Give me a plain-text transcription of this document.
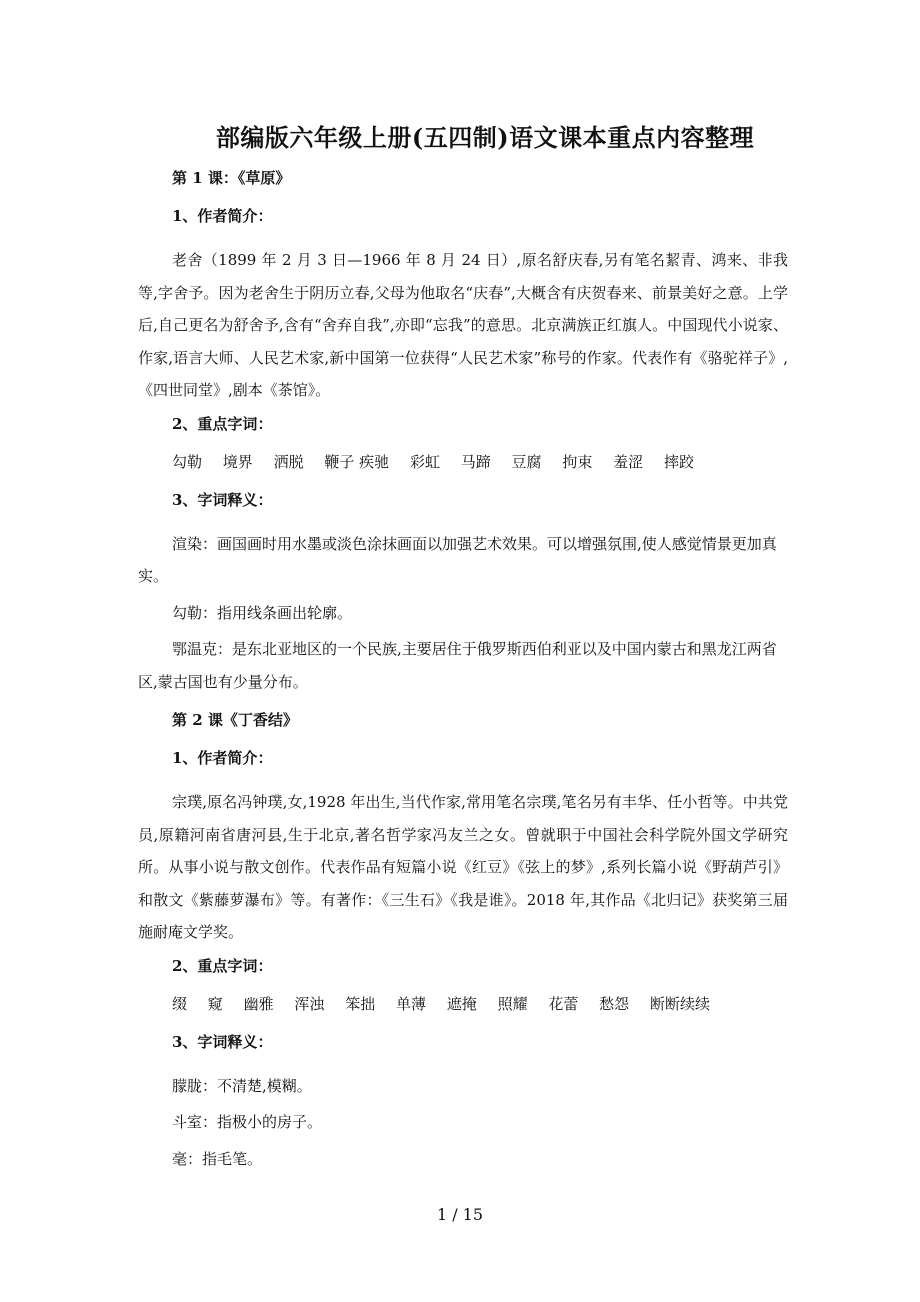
部编版六年级上册(五四制)语文课本重点内容整理
第 1 课：《草原》
1、作者简介：
老舍（1899 年 2 月 3 日—1966 年 8 月 24 日）,原名舒庆春,另有笔名絜青、鸿来、非我等,字舍予。因为老舍生于阴历立春,父母为他取名“庆春”,大概含有庆贺春来、前景美好之意。上学后,自己更名为舒舍予,含有“舍弃自我”,亦即“忘我”的意思。北京满族正红旗人。中国现代小说家、作家,语言大师、人民艺术家,新中国第一位获得“人民艺术家”称号的作家。代表作有《骆驼祥子》,《四世同堂》,剧本《茶馆》。
2、重点字词：
勾勒 境界 洒脱 鞭子 疾驰 彩虹 马蹄 豆腐 拘束 羞涩 摔跤
3、字词释义：
渲染：画国画时用水墨或淡色涂抹画面以加强艺术效果。可以增强氛围,使人感觉情景更加真实。
勾勒：指用线条画出轮廓。
鄂温克：是东北亚地区的一个民族,主要居住于俄罗斯西伯利亚以及中国内蒙古和黑龙江两省区,蒙古国也有少量分布。
第 2 课《丁香结》
1、作者简介：
宗璞,原名冯钟璞,女,1928 年出生,当代作家,常用笔名宗璞,笔名另有丰华、任小哲等。中共党员,原籍河南省唐河县,生于北京,著名哲学家冯友兰之女。曾就职于中国社会科学院外国文学研究所。从事小说与散文创作。代表作品有短篇小说《红豆》《弦上的梦》,系列长篇小说《野葫芦引》和散文《紫藤萝瀑布》等。有著作：《三生石》《我是谁》。2018 年,其作品《北归记》获奖第三届施耐庵文学奖。
2、重点字词：
缀 窥 幽雅 浑浊 笨拙 单薄 遮掩 照耀 花蕾 愁怨 断断续续
3、字词释义：
朦胧：不清楚,模糊。
斗室：指极小的房子。
毫：指毛笔。
1 / 15
